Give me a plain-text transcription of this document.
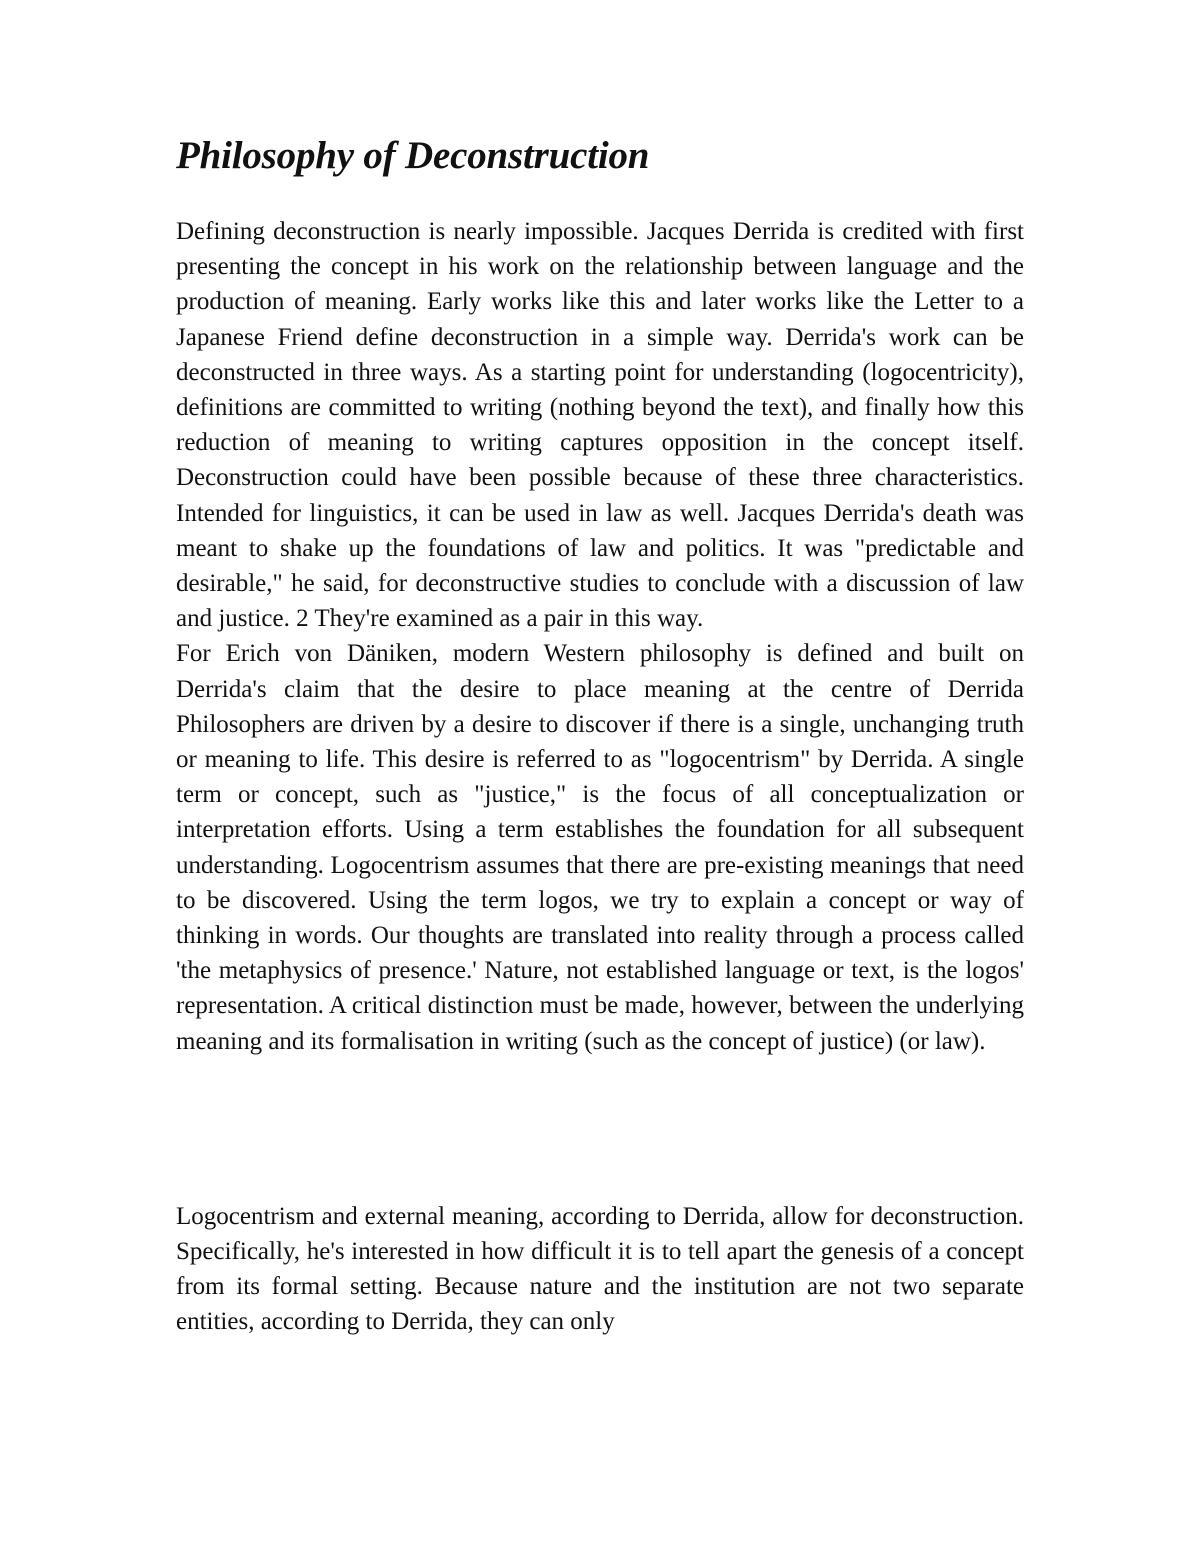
Philosophy of Deconstruction

Defining deconstruction is nearly impossible. Jacques Derrida is credited with first presenting the concept in his work on the relationship between language and the production of meaning. Early works like this and later works like the Letter to a Japanese Friend define deconstruction in a simple way. Derrida's work can be deconstructed in three ways. As a starting point for understanding (logocentricity), definitions are committed to writing (nothing beyond the text), and finally how this reduction of meaning to writing captures opposition in the concept itself. Deconstruction could have been possible because of these three characteristics. Intended for linguistics, it can be used in law as well. Jacques Derrida's death was meant to shake up the foundations of law and politics. It was "predictable and desirable," he said, for deconstructive studies to conclude with a discussion of law and justice. 2 They're examined as a pair in this way.

For Erich von Däniken, modern Western philosophy is defined and built on Derrida's claim that the desire to place meaning at the centre of Derrida Philosophers are driven by a desire to discover if there is a single, unchanging truth or meaning to life. This desire is referred to as "logocentrism" by Derrida. A single term or concept, such as "justice," is the focus of all conceptualization or interpretation efforts. Using a term establishes the foundation for all subsequent understanding. Logocentrism assumes that there are pre-existing meanings that need to be discovered. Using the term logos, we try to explain a concept or way of thinking in words. Our thoughts are translated into reality through a process called 'the metaphysics of presence.' Nature, not established language or text, is the logos' representation. A critical distinction must be made, however, between the underlying meaning and its formalisation in writing (such as the concept of justice) (or law).

Logocentrism and external meaning, according to Derrida, allow for deconstruction. Specifically, he's interested in how difficult it is to tell apart the genesis of a concept from its formal setting. Because nature and the institution are not two separate entities, according to Derrida, they can only
